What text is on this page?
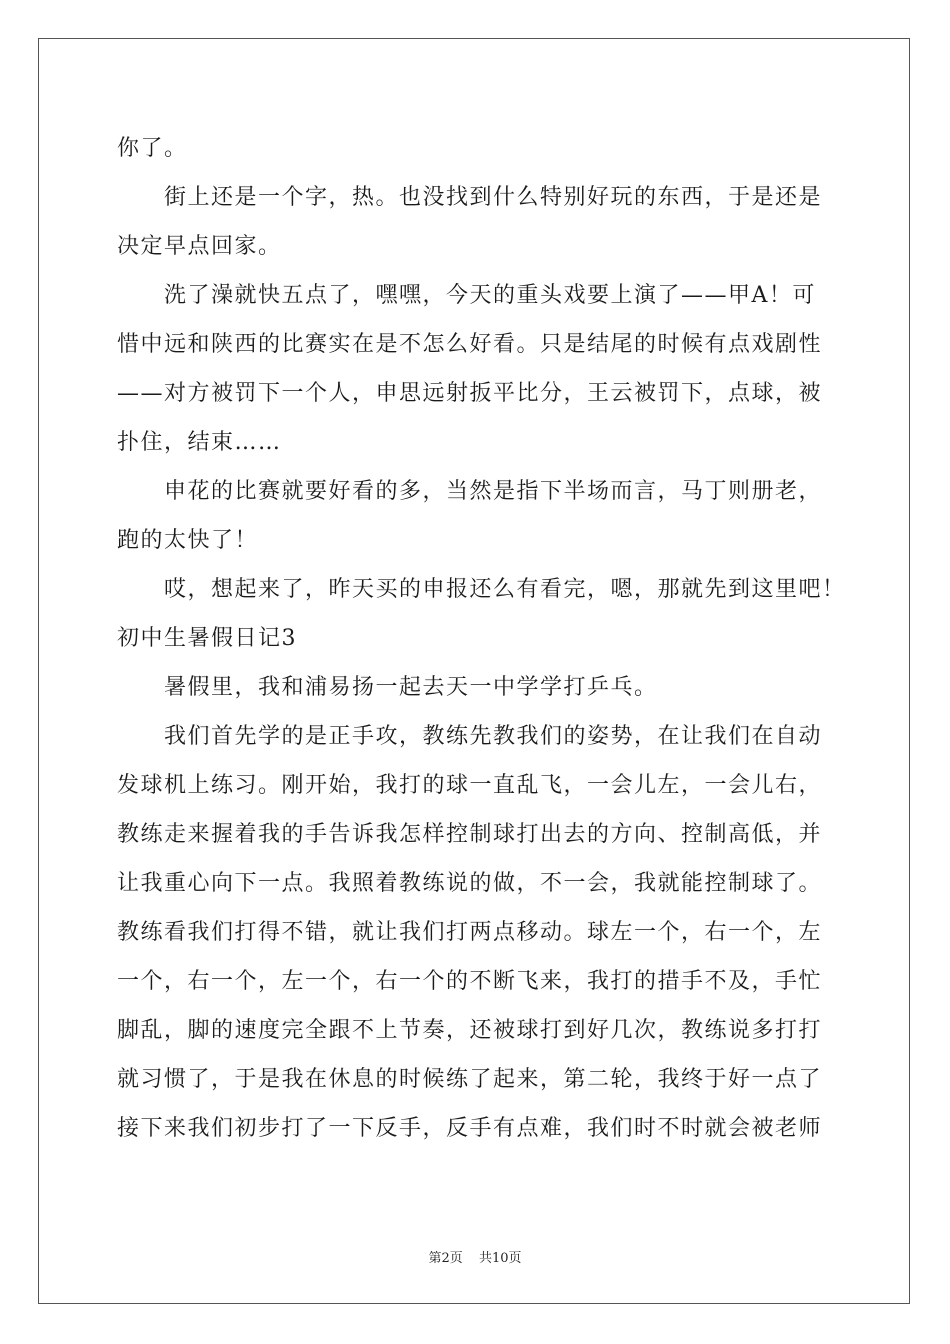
你了。
街上还是一个字，热。也没找到什么特别好玩的东西，于是还是
决定早点回家。
洗了澡就快五点了，嘿嘿，今天的重头戏要上演了——甲A！可
惜中远和陕西的比赛实在是不怎么好看。只是结尾的时候有点戏剧性
——对方被罚下一个人，申思远射扳平比分，王云被罚下，点球，被
扑住，结束……
申花的比赛就要好看的多，当然是指下半场而言，马丁则册老，
跑的太快了！
哎，想起来了，昨天买的申报还么有看完，嗯，那就先到这里吧！
初中生暑假日记3
暑假里，我和浦易扬一起去天一中学学打乒乓。
我们首先学的是正手攻，教练先教我们的姿势，在让我们在自动
发球机上练习。刚开始，我打的球一直乱飞，一会儿左，一会儿右，
教练走来握着我的手告诉我怎样控制球打出去的方向、控制高低，并
让我重心向下一点。我照着教练说的做，不一会，我就能控制球了。
教练看我们打得不错，就让我们打两点移动。球左一个，右一个，左
一个，右一个，左一个，右一个的不断飞来，我打的措手不及，手忙
脚乱，脚的速度完全跟不上节奏，还被球打到好几次，教练说多打打
就习惯了，于是我在休息的时候练了起来，第二轮，我终于好一点了
接下来我们初步打了一下反手，反手有点难，我们时不时就会被老师
第2页 共10页
